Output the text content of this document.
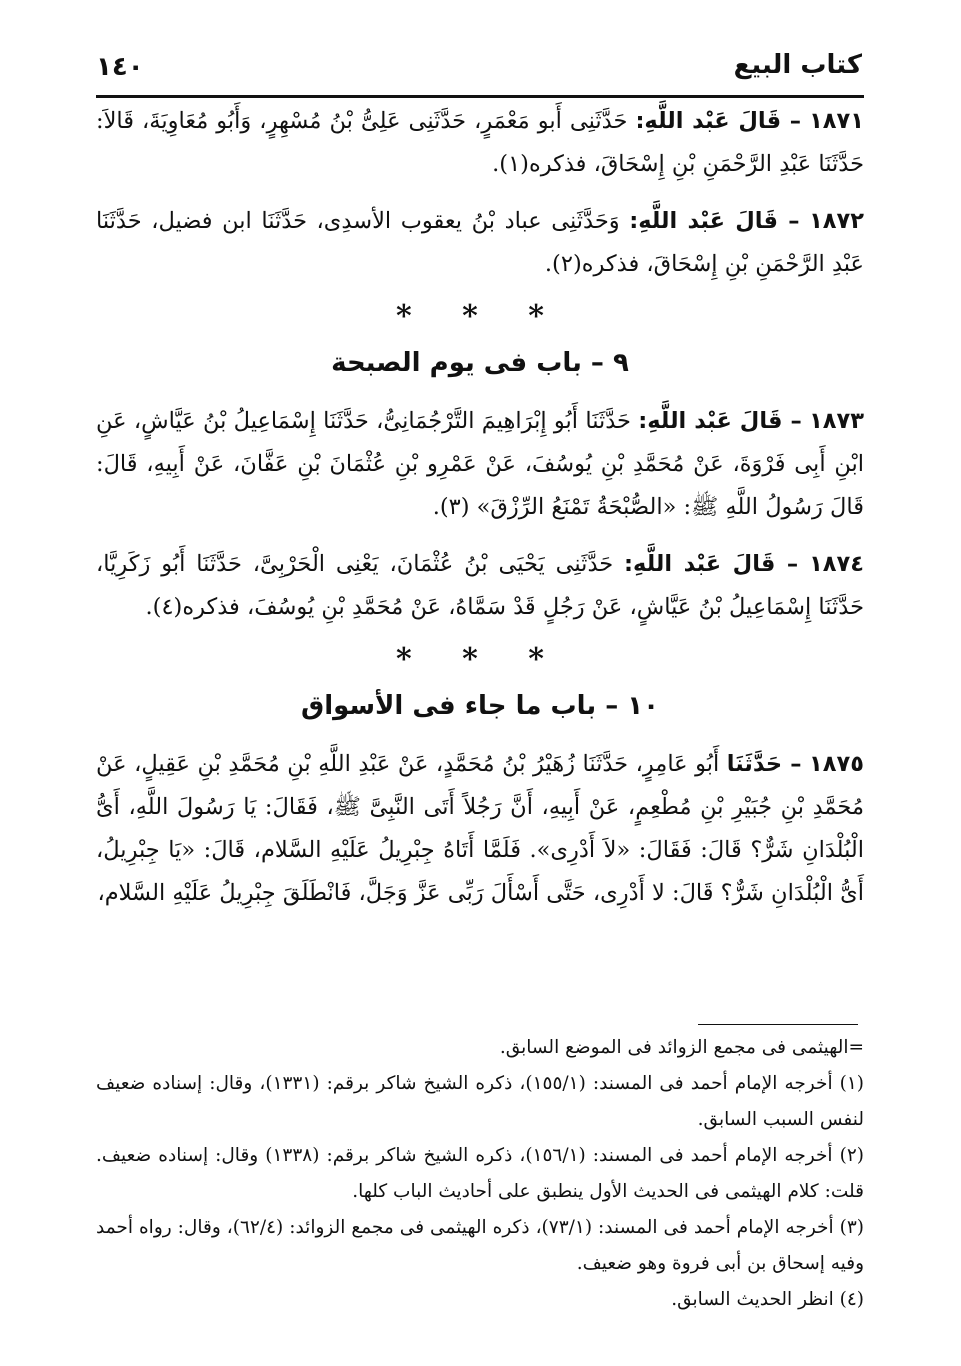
كتاب البيع
١٤٠

١٨٧١ – قَالَ عَبْد اللَّهِ: حَدَّثَنِى أَبو مَعْمَرٍ، حَدَّثَنِى عَلِىُّ بْنُ مُسْهِرٍ، وَأَبُو مُعَاوِيَةَ، قَالاَ: حَدَّثَنَا عَبْدِ الرَّحْمَنِ بْنِ إِسْحَاقَ، فذكره(١).

١٨٧٢ – قَالَ عَبْد اللَّهِ: وَحَدَّثَنِى عباد بْنُ يعقوب الأسدِى، حَدَّثَنَا ابن فضيل، حَدَّثَنَا عَبْدِ الرَّحْمَنِ بْنِ إِسْحَاقَ، فذكره(٢).

* * *
٩ – باب فى يوم الصبحة

١٨٧٣ – قَالَ عَبْد اللَّهِ: حَدَّثَنَا أَبُو إِبْرَاهِيمَ التَّرْجُمَانِىُّ، حَدَّثَنَا إِسْمَاعِيلُ بْنُ عَيَّاشٍ، عَنِ ابْنِ أَبِى فَرْوَةَ، عَنْ مُحَمَّدِ بْنِ يُوسُفَ، عَنْ عَمْرِو بْنِ عُثْمَانَ بْنِ عَفَّانَ، عَنْ أَبِيهِ، قَالَ: قَالَ رَسُولُ اللَّهِ ﷺ: «الصُّبْحَةُ تَمْنَعُ الرِّزْقَ» (٣).

١٨٧٤ – قَالَ عَبْد اللَّهِ: حَدَّثَنِى يَحْيَى بْنُ عُثْمَانَ، يَعْنِى الْحَرْبِىَّ، حَدَّثَنَا أَبُو زَكَرِيَّا، حَدَّثَنَا إِسْمَاعِيلُ بْنُ عَيَّاشٍ، عَنْ رَجُلٍ قَدْ سَمَّاهُ، عَنْ مُحَمَّدِ بْنِ يُوسُفَ، فذكره(٤).

* * *
١٠ – باب ما جاء فى الأسواق

١٨٧٥ – حَدَّثَنَا أَبُو عَامِرٍ، حَدَّثَنَا زُهَيْرُ بْنُ مُحَمَّدٍ، عَنْ عَبْدِ اللَّهِ بْنِ مُحَمَّدِ بْنِ عَقِيلٍ، عَنْ مُحَمَّدِ بْنِ جُبَيْرِ بْنِ مُطْعِمٍ، عَنْ أَبِيهِ، أَنَّ رَجُلاً أَتَى النَّبِىَّ ﷺ، فَقَالَ: يَا رَسُولَ اللَّهِ، أَىُّ الْبُلْدَانِ شَرٌّ؟ قَالَ: فَقَالَ: «لاَ أَدْرِى». فَلَمَّا أَتَاهُ جِبْرِيلُ عَلَيْهِ السَّلام، قَالَ: «يَا جِبْرِيلُ، أَىُّ الْبُلْدَانِ شَرٌّ؟ قَالَ: لا أَدْرِى، حَتَّى أَسْأَلَ رَبِّى عَزَّ وَجَلَّ، فَانْطَلَقَ جِبْرِيلُ عَلَيْهِ السَّلام،

=الهيثمى فى مجمع الزوائد فى الموضع السابق.

(١) أخرجه الإمام أحمد فى المسند: (١٥٥/١)، ذكره الشيخ شاكر برقم: (١٣٣١)، وقال: إسناده ضعيف لنفس السبب السابق.

(٢) أخرجه الإمام أحمد فى المسند: (١٥٦/١)، ذكره الشيخ شاكر برقم: (١٣٣٨) وقال: إسناده ضعيف. قلت: كلام الهيثمى فى الحديث الأول ينطبق على أحاديث الباب كلها.

(٣) أخرجه الإمام أحمد فى المسند: (٧٣/١)، ذكره الهيثمى فى مجمع الزوائد: (٦٢/٤)، وقال: رواه أحمد وفيه إسحاق بن أبى فروة وهو ضعيف.

(٤) انظر الحديث السابق.
